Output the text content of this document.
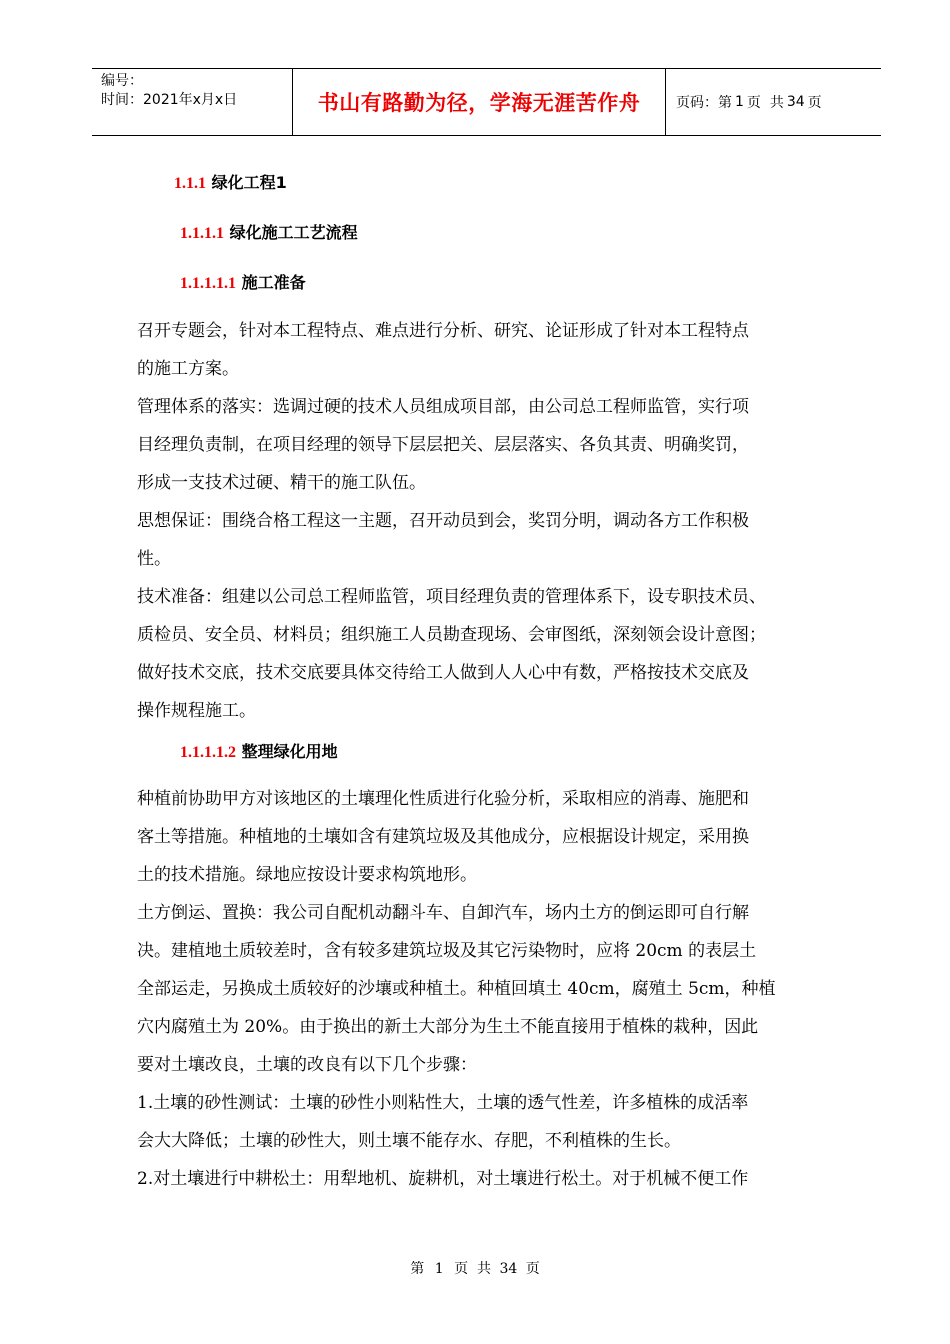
编号：
时间：2021年x月x日	书山有路勤为径，学海无涯苦作舟	页码：第 1 页  共 34 页
1.1.1 绿化工程1
1.1.1.1 绿化施工工艺流程
1.1.1.1.1 施工准备
召开专题会，针对本工程特点、难点进行分析、研究、论证形成了针对本工程特点
的施工方案。
管理体系的落实：选调过硬的技术人员组成项目部，由公司总工程师监管，实行项
目经理负责制，在项目经理的领导下层层把关、层层落实、各负其责、明确奖罚，
形成一支技术过硬、精干的施工队伍。
思想保证：围绕合格工程这一主题，召开动员到会，奖罚分明，调动各方工作积极
性。
技术准备：组建以公司总工程师监管，项目经理负责的管理体系下，设专职技术员、
质检员、安全员、材料员；组织施工人员勘查现场、会审图纸，深刻领会设计意图；
做好技术交底，技术交底要具体交待给工人做到人人心中有数，严格按技术交底及
操作规程施工。
1.1.1.1.2 整理绿化用地
种植前协助甲方对该地区的土壤理化性质进行化验分析，采取相应的消毒、施肥和
客土等措施。种植地的土壤如含有建筑垃圾及其他成分，应根据设计规定，采用换
土的技术措施。绿地应按设计要求构筑地形。
土方倒运、置换：我公司自配机动翻斗车、自卸汽车，场内土方的倒运即可自行解
决。建植地土质较差时，含有较多建筑垃圾及其它污染物时，应将 20cm 的表层土
全部运走，另换成土质较好的沙壤或种植土。种植回填土 40cm，腐殖土 5cm，种植
穴内腐殖土为 20%。由于换出的新土大部分为生土不能直接用于植株的栽种，因此
要对土壤改良，土壤的改良有以下几个步骤：
1.土壤的砂性测试：土壤的砂性小则粘性大，土壤的透气性差，许多植株的成活率
会大大降低；土壤的砂性大，则土壤不能存水、存肥，不利植株的生长。
2.对土壤进行中耕松土：用犁地机、旋耕机，对土壤进行松土。对于机械不便工作
第 1 页  共 34 页
